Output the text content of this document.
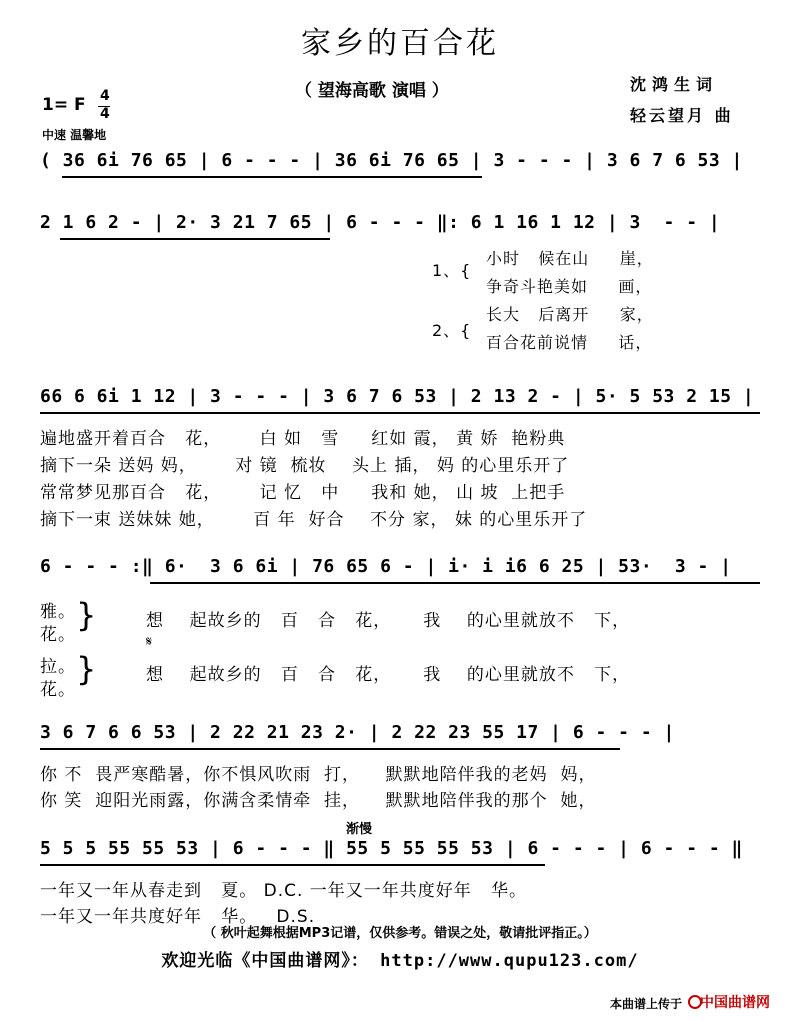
家乡的百合花
（ 望海高歌 演唱 ）	沈鸿生词
轻云望月 曲
1= F 4
4
中速 温馨地
( 36 6i 76 65 | 6 - - - | 36 6i 76 65 | 3 - - - | 3 6 7 6 53 |
2 1 6 2 - | 2· 3 21 7 65 | 6 - - - ‖: 6 1 16 1 12 | 3  - - |
1、{
小时   候在山     崖，
争奇斗艳美如     画，
2、{
长大   后离开     家，
百合花前说情     话，
66 6 6i 1 12 | 3 - - - | 3 6 7 6 53 | 2 13 2 - | 5· 5 53 2 15 |
遍地盛开着百合   花，      白 如   雪     红如 霞， 黄 娇  艳粉典
摘下一朵 送妈 妈，      对 镜  梳妆    头上 插， 妈 的心里乐开了
常常梦见那百合   花，      记 忆   中     我和 她， 山 坡  上把手
摘下一束 送妹妹 她，      百 年  好合    不分 家， 妹 的心里乐开了
6 - - - :‖ 6·  3 6 6i | 76 65 6 - | i· i i6 6 25 | 53·  3 - |
雅。
花。
拉。
花。
}
}
想    起故乡的   百   合   花，     我    的心里就放不   下，
𝄋
想    起故乡的   百   合   花，     我    的心里就放不   下，
3 6 7 6 6 53 | 2 22 21 23 2· | 2 22 23 55 17 | 6 - - - |
你 不  畏严寒酷暑，你不惧风吹雨  打，    默默地陪伴我的老妈  妈，
你 笑  迎阳光雨露，你满含柔情牵  挂，    默默地陪伴我的那个  她，
渐慢
5 5 5 55 55 53 | 6 - - - ‖ 55 5 55 55 53 | 6 - - - | 6 - - - ‖
一年又一年从春走到   夏。 D.C. 一年又一年共度好年   华。
一年又一年共度好年   华。   D.S.
（ 秋叶起舞根据MP3记谱，仅供参考。错误之处，敬请批评指正。）
欢迎光临《中国曲谱网》： http://www.qupu123.com/
本曲谱上传于 中国曲谱网
